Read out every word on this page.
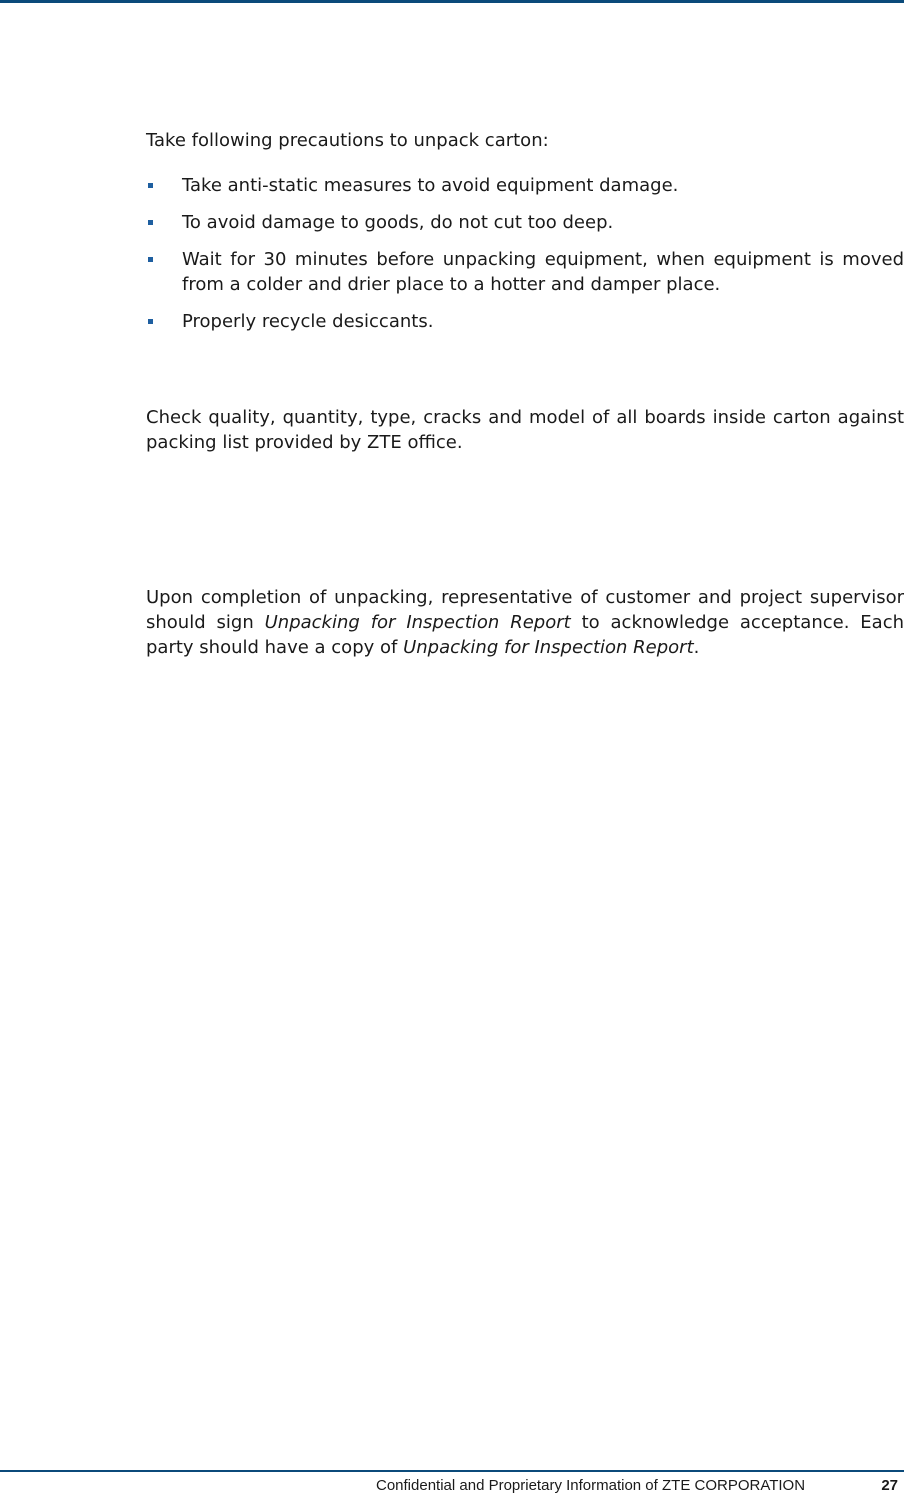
Take following precautions to unpack carton:

Take anti-static measures to avoid equipment damage.
To avoid damage to goods, do not cut too deep.
Wait for 30 minutes before unpacking equipment, when equipment is moved from a colder and drier place to a hotter and damper place.
Properly recycle desiccants.

Check quality, quantity, type, cracks and model of all boards inside carton against packing list provided by ZTE office.

Upon completion of unpacking, representative of customer and project supervisor should sign Unpacking for Inspection Report to acknowledge acceptance. Each party should have a copy of Unpacking for Inspection Report.

Confidential and Proprietary Information of ZTE CORPORATION	27
